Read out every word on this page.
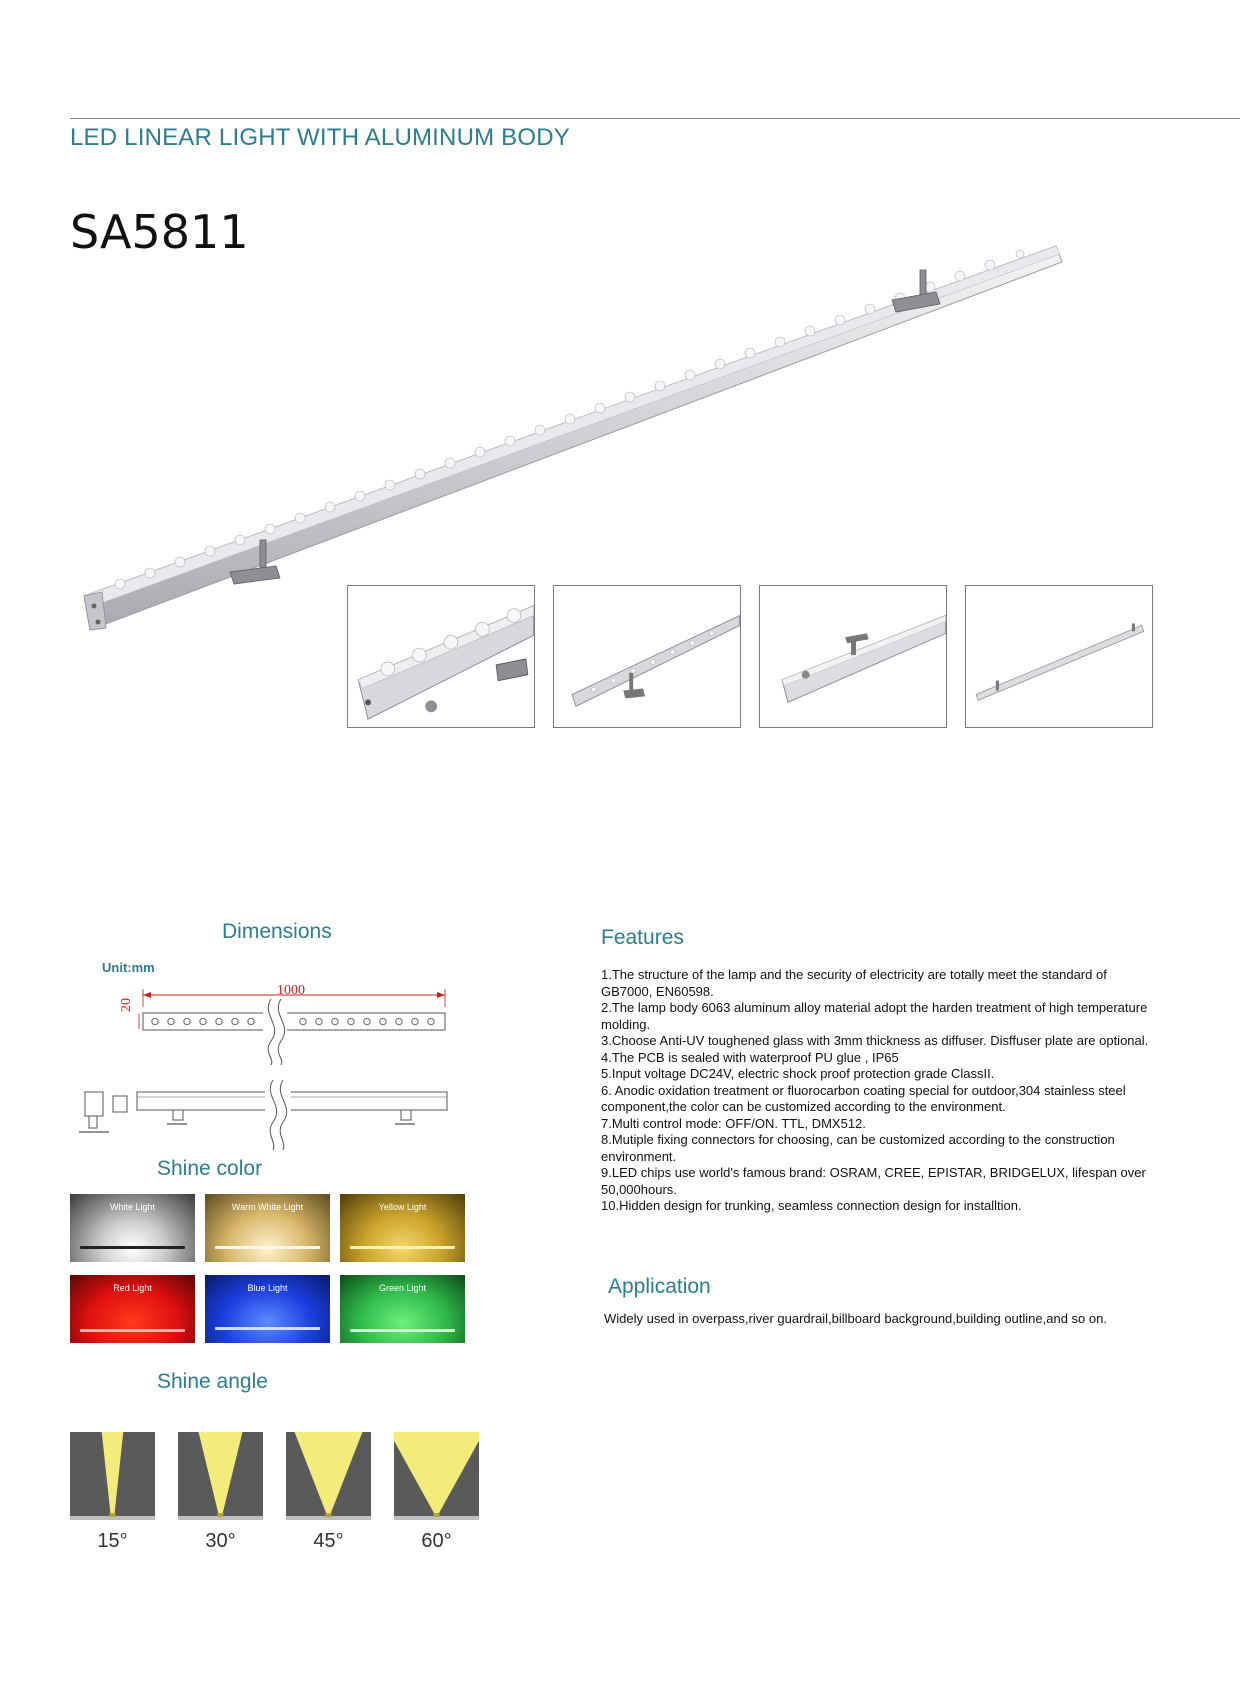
LED LINEAR LIGHT WITH ALUMINUM BODY
SA5811
Dimensions
Unit:mm
1000
20
Shine color
White Light	Warm White Light	Yellow Light
Red Light	Blue Light	Green Light
Shine angle
15°	30°	45°	60°
Features
1.The structure of the lamp and the security of electricity are totally meet the standard of GB7000, EN60598.
2.The lamp body 6063 aluminum alloy material adopt the harden treatment of high temperature molding.
3.Choose Anti-UV toughened glass with 3mm thickness as diffuser. Disffuser plate are optional.
4.The PCB is sealed with waterproof PU glue , IP65
5.Input voltage DC24V, electric shock proof protection grade ClassII.
6. Anodic oxidation treatment or fluorocarbon coating special for outdoor,304 stainless steel component,the color can be customized according to the environment.
7.Multi control mode: OFF/ON. TTL, DMX512.
8.Mutiple fixing connectors for choosing, can be customized according to the construction environment.
9.LED chips use world's famous brand: OSRAM, CREE, EPISTAR, BRIDGELUX, lifespan over 50,000hours.
10.Hidden design for trunking, seamless connection design for installtion.
Application
Widely used in overpass,river guardrail,billboard background,building outline,and so on.
